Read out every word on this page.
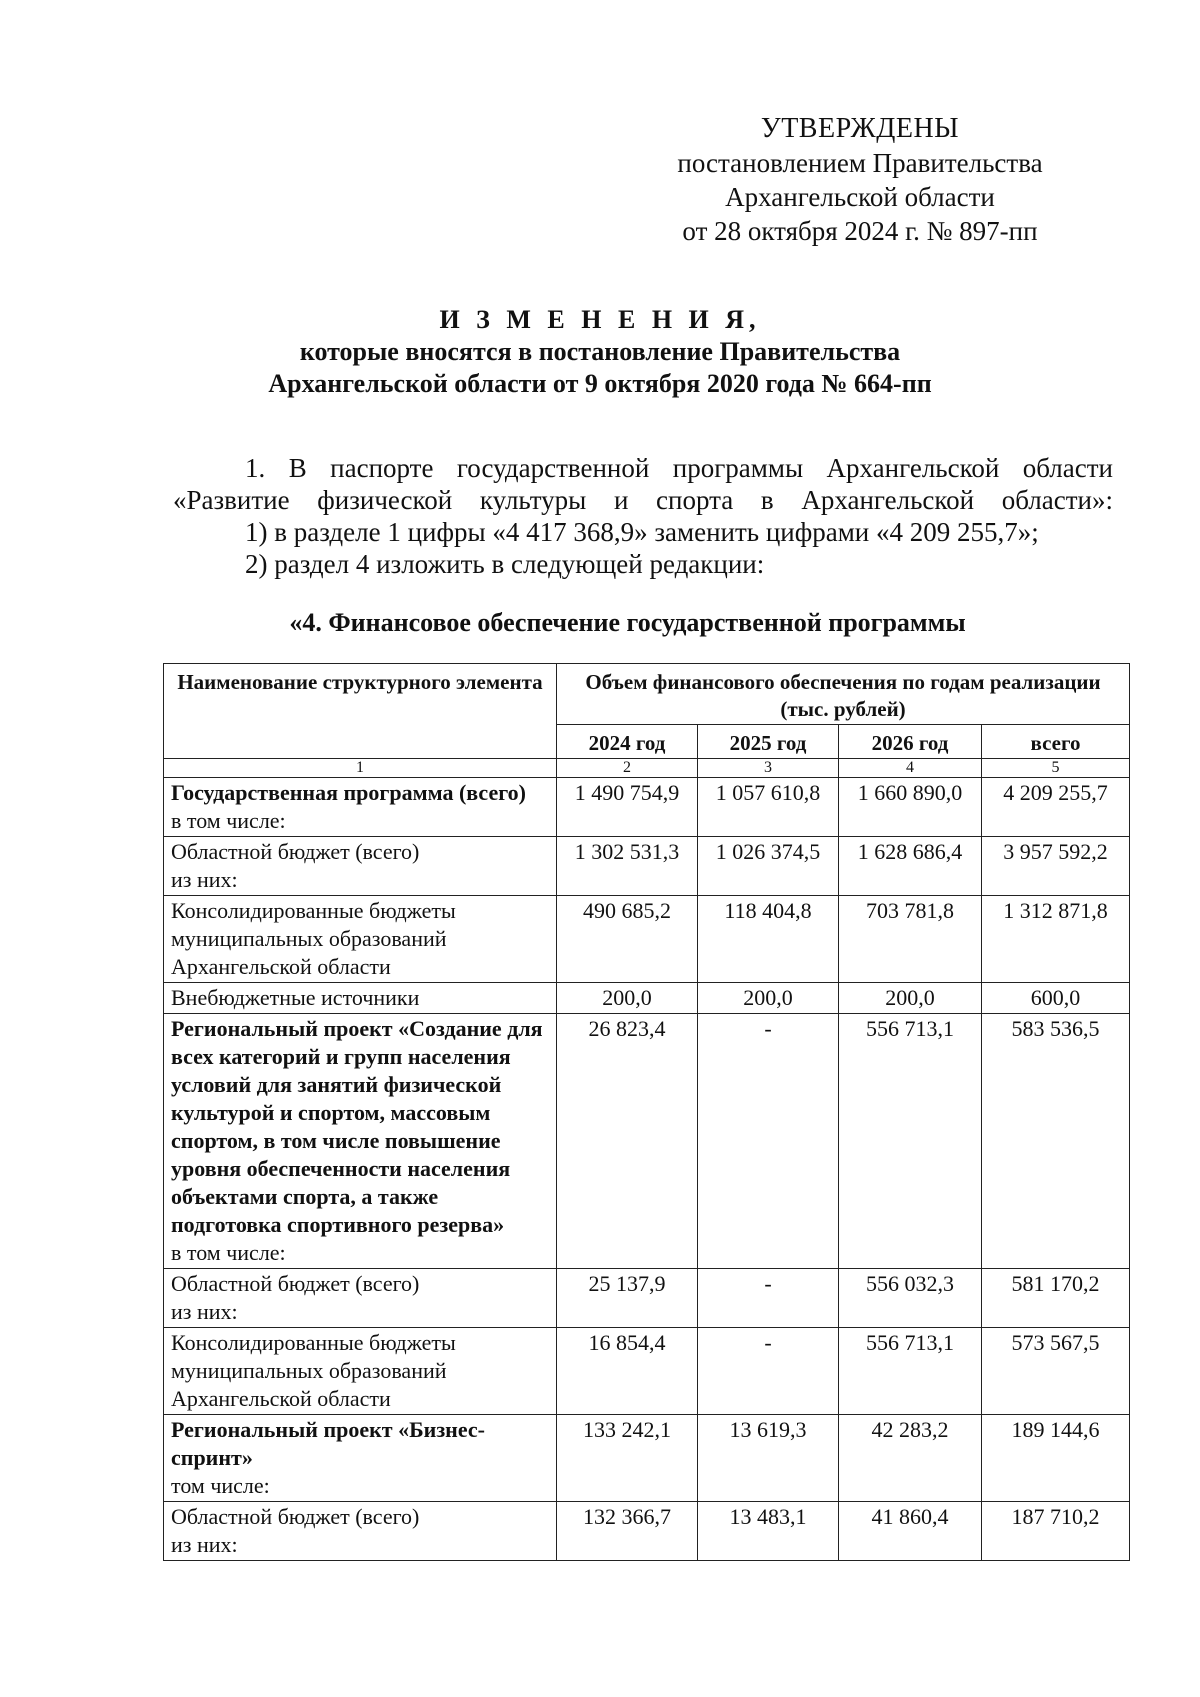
УТВЕРЖДЕНЫ
постановлением Правительства
Архангельской области
от 28 октября 2024 г. № 897-пп
И З М Е Н Е Н И Я,
которые вносятся в постановление Правительства
Архангельской области от 9 октября 2020 года № 664-пп

1. В паспорте государственной программы Архангельской области «Развитие физической культуры и спорта в Архангельской области»:

1) в разделе 1 цифры «4 417 368,9» заменить цифрами «4 209 255,7»;

2) раздел 4 изложить в следующей редакции:

«4. Финансовое обеспечение государственной программы
Наименование структурного элемента	Объем финансового обеспечения по годам реализации (тыс. рублей)			
	2024 год	2025 год	2026 год	всего
1	2	3	4	5

Государственная программа (всего)
в том числе:	1 490 754,9	1 057 610,8	1 660 890,0	4 209 255,7

Областной бюджет (всего)
из них:	1 302 531,3	1 026 374,5	1 628 686,4	3 957 592,2

Консолидированные бюджеты муниципальных образований Архангельской области	490 685,2	118 404,8	703 781,8	1 312 871,8

Внебюджетные источники	200,0	200,0	200,0	600,0

Региональный проект «Создание для всех категорий и групп населения условий для занятий физической культурой и спортом, массовым спортом, в том числе повышение уровня обеспеченности населения объектами спорта, а также подготовка спортивного резерва»
в том числе:	26 823,4	-	556 713,1	583 536,5

Областной бюджет (всего)
из них:	25 137,9	-	556 032,3	581 170,2

Консолидированные бюджеты муниципальных образований Архангельской области	16 854,4	-	556 713,1	573 567,5

Региональный проект «Бизнес-спринт»
том числе:	133 242,1	13 619,3	42 283,2	189 144,6

Областной бюджет (всего)
из них:	132 366,7	13 483,1	41 860,4	187 710,2
